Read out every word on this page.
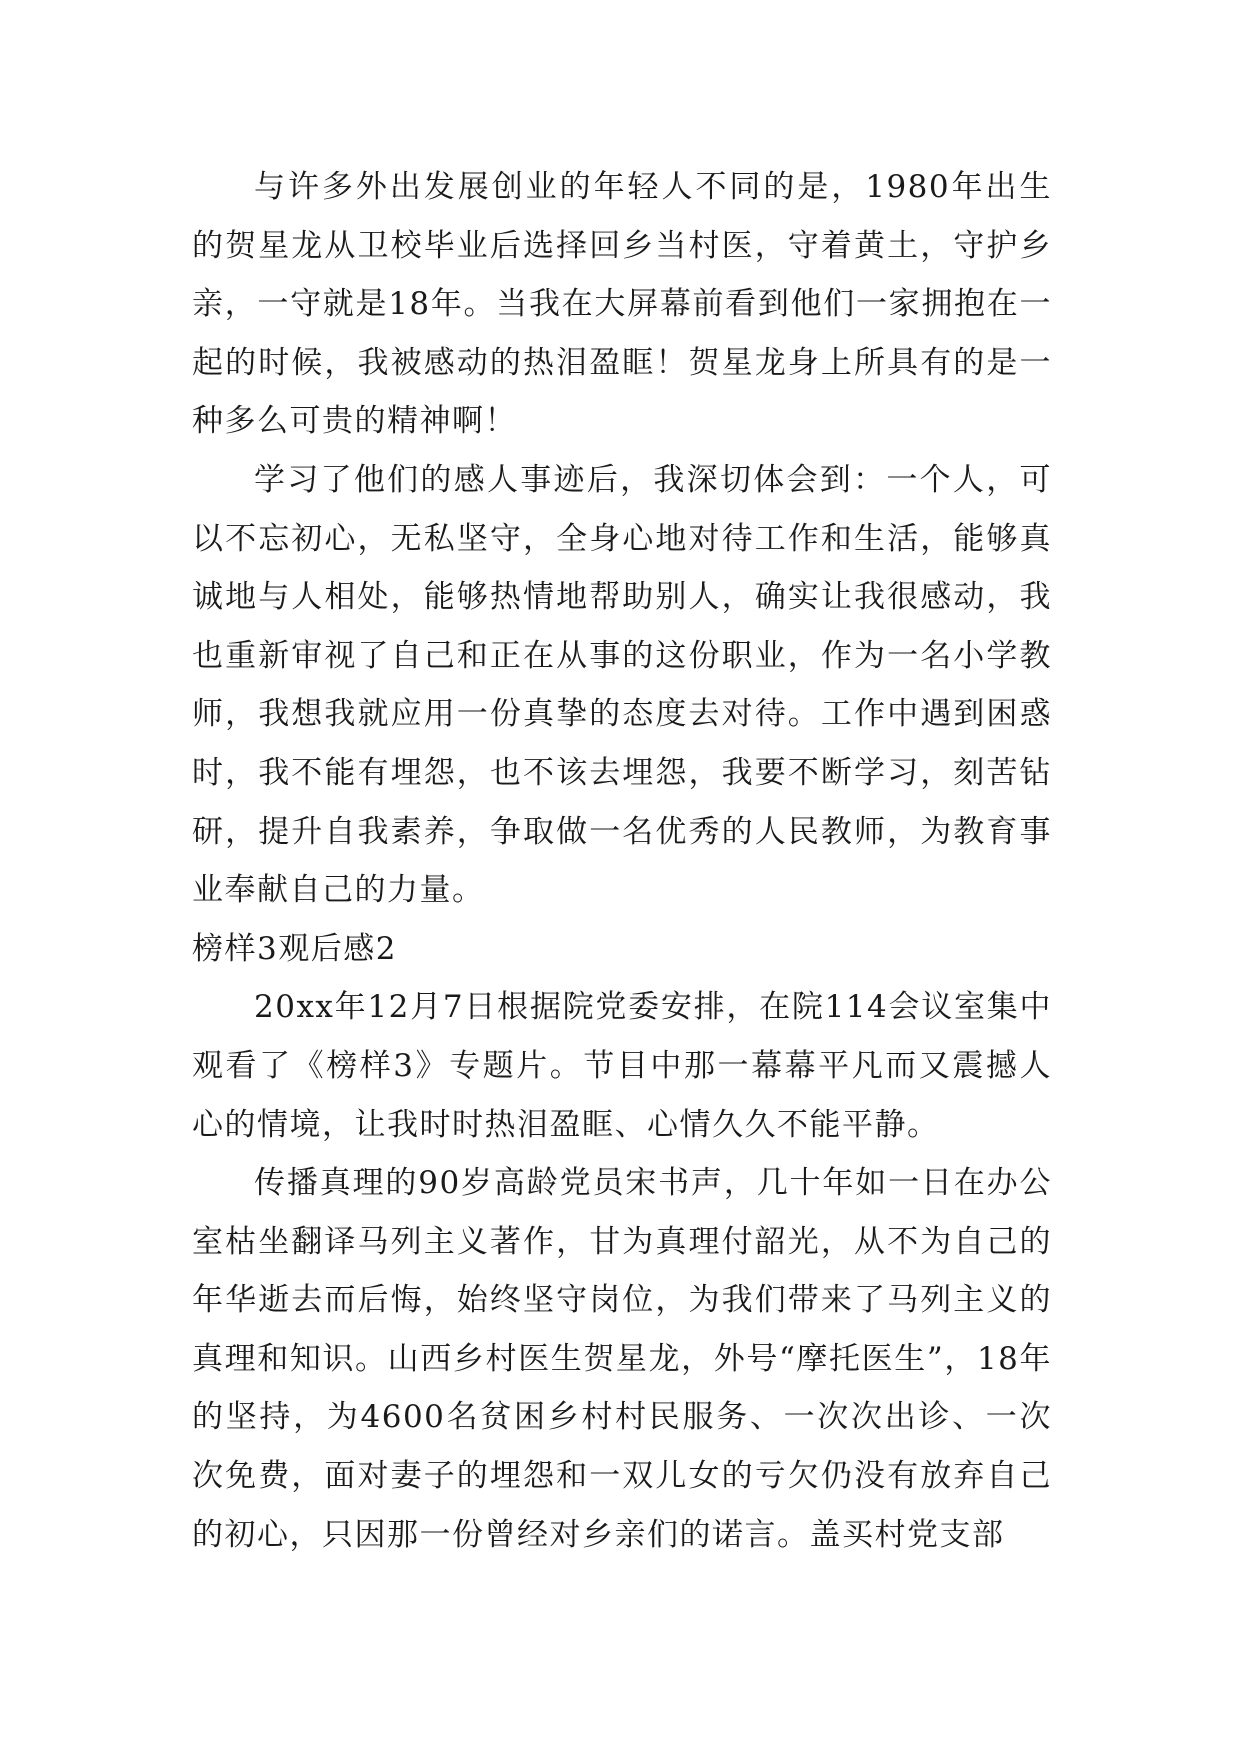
与许多外出发展创业的年轻人不同的是，1980年出生的贺星龙从卫校毕业后选择回乡当村医，守着黄土，守护乡亲，一守就是18年。当我在大屏幕前看到他们一家拥抱在一起的时候，我被感动的热泪盈眶！贺星龙身上所具有的是一种多么可贵的精神啊！

学习了他们的感人事迹后，我深切体会到：一个人，可以不忘初心，无私坚守，全身心地对待工作和生活，能够真诚地与人相处，能够热情地帮助别人，确实让我很感动，我也重新审视了自己和正在从事的这份职业，作为一名小学教师，我想我就应用一份真挚的态度去对待。工作中遇到困惑时，我不能有埋怨，也不该去埋怨，我要不断学习，刻苦钻研，提升自我素养，争取做一名优秀的人民教师，为教育事业奉献自己的力量。

榜样3观后感2

20xx年12月7日根据院党委安排，在院114会议室集中观看了《榜样3》专题片。节目中那一幕幕平凡而又震撼人心的情境，让我时时热泪盈眶、心情久久不能平静。

传播真理的90岁高龄党员宋书声，几十年如一日在办公室枯坐翻译马列主义著作，甘为真理付韶光，从不为自己的年华逝去而后悔，始终坚守岗位，为我们带来了马列主义的真理和知识。山西乡村医生贺星龙，外号“摩托医生”，18年的坚持，为4600名贫困乡村村民服务、一次次出诊、一次次免费，面对妻子的埋怨和一双儿女的亏欠仍没有放弃自己的初心，只因那一份曾经对乡亲们的诺言。盖买村党支部
